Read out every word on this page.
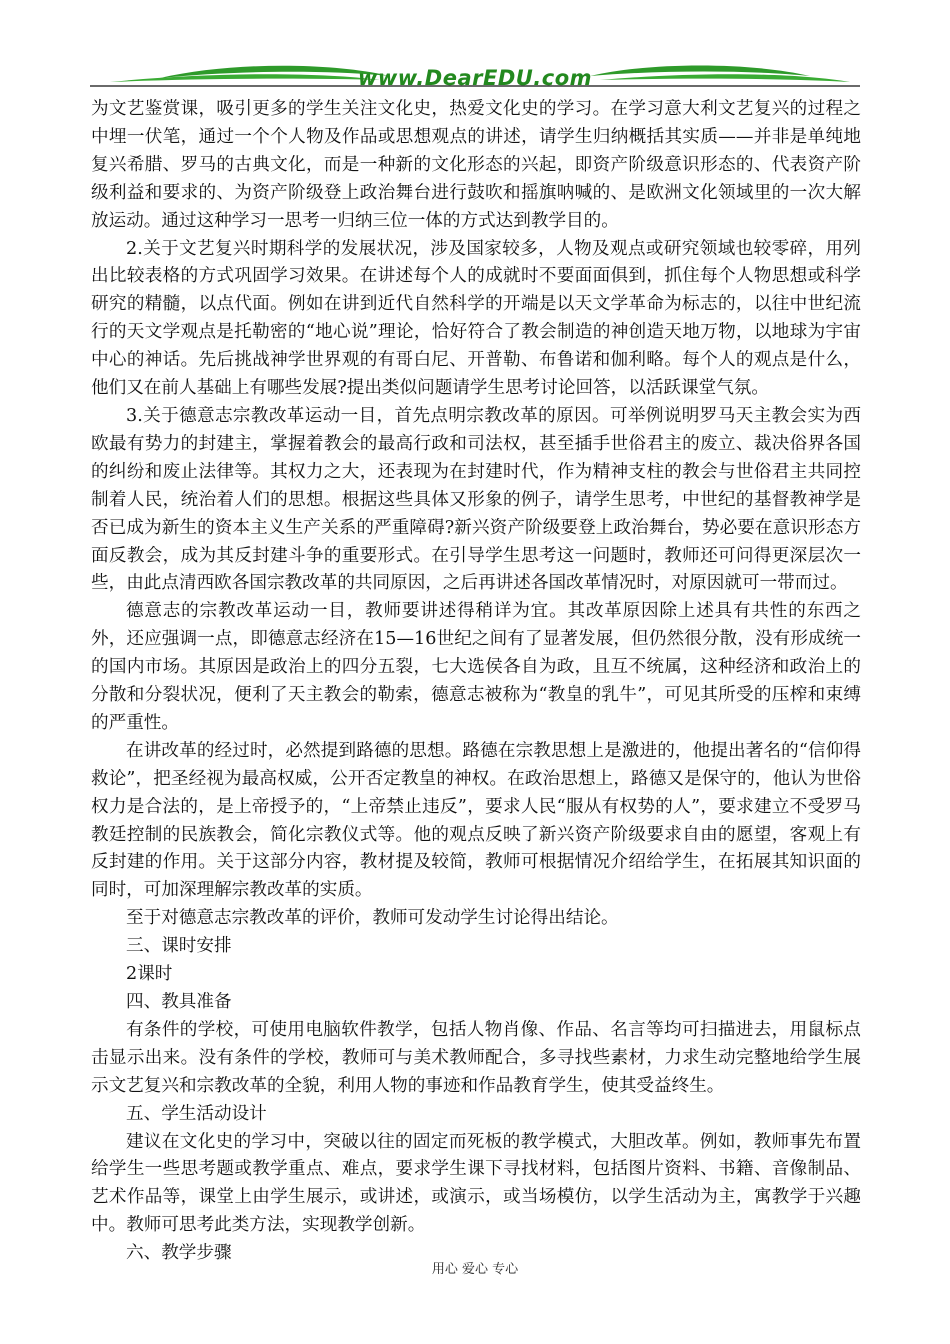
www.DearEDU.com

为文艺鉴赏课，吸引更多的学生关注文化史，热爱文化史的学习。在学习意大利文艺复兴的过程之中埋一伏笔，通过一个个人物及作品或思想观点的讲述，请学生归纳概括其实质——并非是单纯地复兴希腊、罗马的古典文化，而是一种新的文化形态的兴起，即资产阶级意识形态的、代表资产阶级利益和要求的、为资产阶级登上政治舞台进行鼓吹和摇旗呐喊的、是欧洲文化领域里的一次大解放运动。通过这种学习一思考一归纳三位一体的方式达到教学目的。

2.关于文艺复兴时期科学的发展状况，涉及国家较多，人物及观点或研究领域也较零碎，用列出比较表格的方式巩固学习效果。在讲述每个人的成就时不要面面俱到，抓住每个人物思想或科学研究的精髓，以点代面。例如在讲到近代自然科学的开端是以天文学革命为标志的，以往中世纪流行的天文学观点是托勒密的“地心说”理论，恰好符合了教会制造的神创造天地万物，以地球为宇宙中心的神话。先后挑战神学世界观的有哥白尼、开普勒、布鲁诺和伽利略。每个人的观点是什么，他们又在前人基础上有哪些发展?提出类似问题请学生思考讨论回答，以活跃课堂气氛。

3.关于德意志宗教改革运动一目，首先点明宗教改革的原因。可举例说明罗马天主教会实为西欧最有势力的封建主，掌握着教会的最高行政和司法权，甚至插手世俗君主的废立、裁决俗界各国的纠纷和废止法律等。其权力之大，还表现为在封建时代，作为精神支柱的教会与世俗君主共同控制着人民，统治着人们的思想。根据这些具体又形象的例子，请学生思考，中世纪的基督教神学是否已成为新生的资本主义生产关系的严重障碍?新兴资产阶级要登上政治舞台，势必要在意识形态方面反教会，成为其反封建斗争的重要形式。在引导学生思考这一问题时，教师还可问得更深层次一些，由此点清西欧各国宗教改革的共同原因，之后再讲述各国改革情况时，对原因就可一带而过。

德意志的宗教改革运动一目，教师要讲述得稍详为宜。其改革原因除上述具有共性的东西之外，还应强调一点，即德意志经济在15—16世纪之间有了显著发展，但仍然很分散，没有形成统一的国内市场。其原因是政治上的四分五裂，七大选侯各自为政，且互不统属，这种经济和政治上的分散和分裂状况，便利了天主教会的勒索，德意志被称为“教皇的乳牛”，可见其所受的压榨和束缚的严重性。

在讲改革的经过时，必然提到路德的思想。路德在宗教思想上是激进的，他提出著名的“信仰得救论”，把圣经视为最高权威，公开否定教皇的神权。在政治思想上，路德又是保守的，他认为世俗权力是合法的，是上帝授予的，“上帝禁止违反”，要求人民“服从有权势的人”，要求建立不受罗马教廷控制的民族教会，简化宗教仪式等。他的观点反映了新兴资产阶级要求自由的愿望，客观上有反封建的作用。关于这部分内容，教材提及较简，教师可根据情况介绍给学生，在拓展其知识面的同时，可加深理解宗教改革的实质。

至于对德意志宗教改革的评价，教师可发动学生讨论得出结论。

三、课时安排

2课时

四、教具准备

有条件的学校，可使用电脑软件教学，包括人物肖像、作品、名言等均可扫描进去，用鼠标点击显示出来。没有条件的学校，教师可与美术教师配合，多寻找些素材，力求生动完整地给学生展示文艺复兴和宗教改革的全貌，利用人物的事迹和作品教育学生，使其受益终生。

五、学生活动设计

建议在文化史的学习中，突破以往的固定而死板的教学模式，大胆改革。例如，教师事先布置给学生一些思考题或教学重点、难点，要求学生课下寻找材料，包括图片资料、书籍、音像制品、艺术作品等，课堂上由学生展示，或讲述，或演示，或当场模仿，以学生活动为主，寓教学于兴趣中。教师可思考此类方法，实现教学创新。

六、教学步骤

用心 爱心 专心
